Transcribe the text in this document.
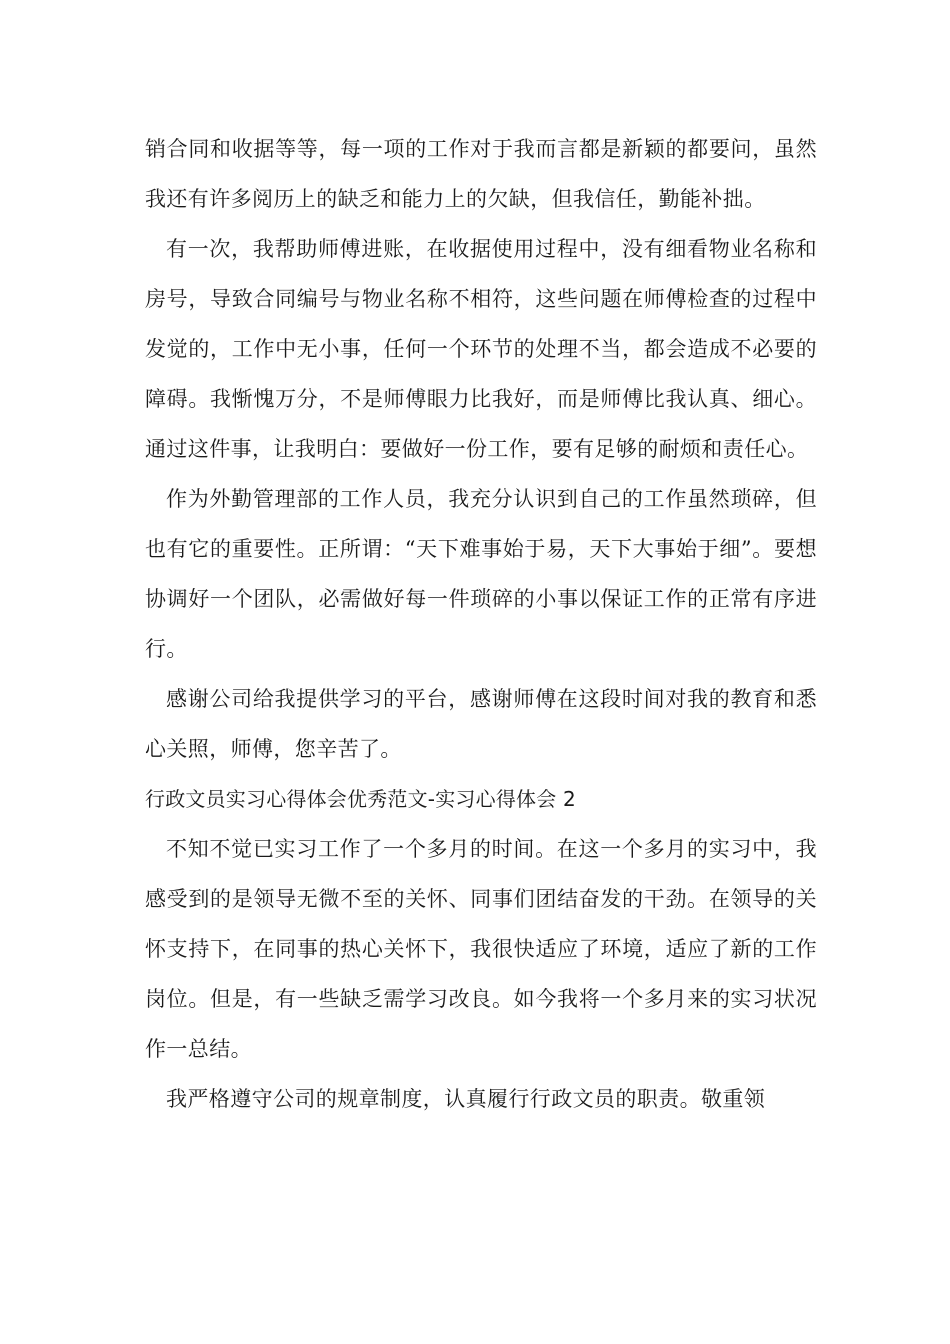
销合同和收据等等，每一项的工作对于我而言都是新颖的都要问，虽然我还有许多阅历上的缺乏和能力上的欠缺，但我信任，勤能补拙。

有一次，我帮助师傅进账，在收据使用过程中，没有细看物业名称和房号，导致合同编号与物业名称不相符，这些问题在师傅检查的过程中发觉的，工作中无小事，任何一个环节的处理不当，都会造成不必要的障碍。我惭愧万分，不是师傅眼力比我好，而是师傅比我认真、细心。通过这件事，让我明白：要做好一份工作，要有足够的耐烦和责任心。

作为外勤管理部的工作人员，我充分认识到自己的工作虽然琐碎，但也有它的重要性。正所谓：“天下难事始于易，天下大事始于细”。要想协调好一个团队，必需做好每一件琐碎的小事以保证工作的正常有序进行。

感谢公司给我提供学习的平台，感谢师傅在这段时间对我的教育和悉心关照，师傅，您辛苦了。

行政文员实习心得体会优秀范文-实习心得体会 2

不知不觉已实习工作了一个多月的时间。在这一个多月的实习中，我感受到的是领导无微不至的关怀、同事们团结奋发的干劲。在领导的关怀支持下，在同事的热心关怀下，我很快适应了环境，适应了新的工作岗位。但是，有一些缺乏需学习改良。如今我将一个多月来的实习状况作一总结。

我严格遵守公司的规章制度，认真履行行政文员的职责。敬重领
